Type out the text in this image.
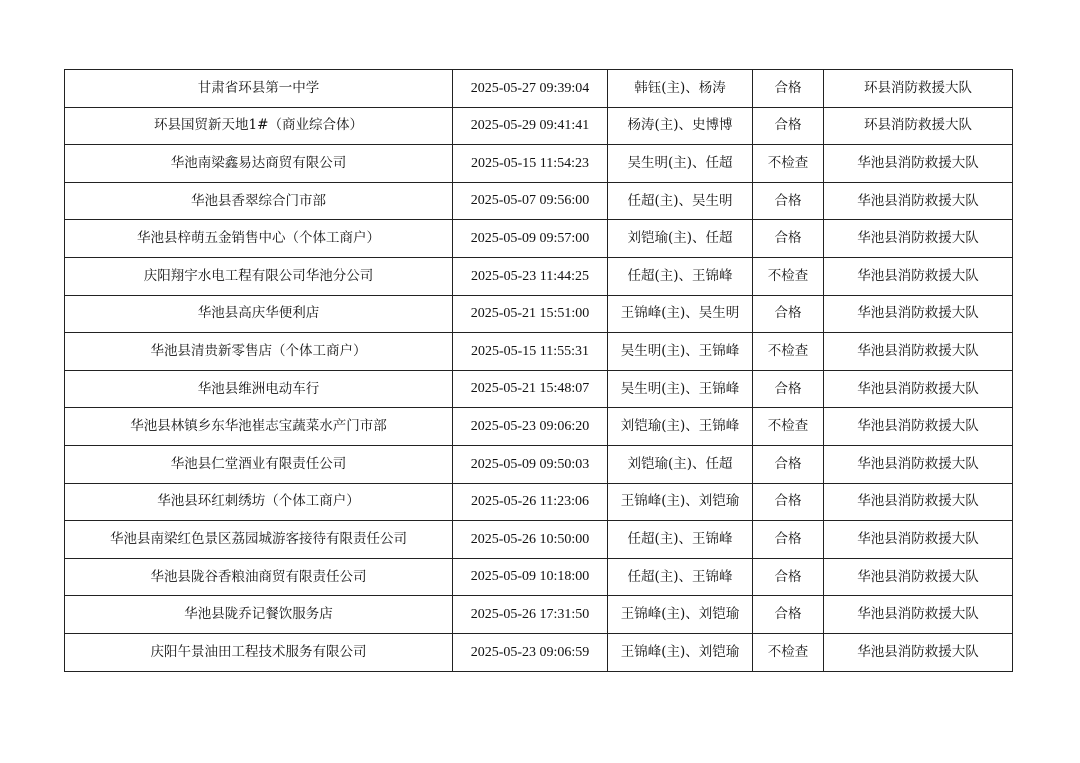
甘肃省环县第一中学	2025-05-27 09:39:04	韩钰(主)、杨涛	合格	环县消防救援大队
环县国贸新天地1#（商业综合体）	2025-05-29 09:41:41	杨涛(主)、史博博	合格	环县消防救援大队
华池南梁鑫易达商贸有限公司	2025-05-15 11:54:23	吴生明(主)、任超	不检查	华池县消防救援大队
华池县香翠综合门市部	2025-05-07 09:56:00	任超(主)、吴生明	合格	华池县消防救援大队
华池县梓萌五金销售中心（个体工商户）	2025-05-09 09:57:00	刘铠瑜(主)、任超	合格	华池县消防救援大队
庆阳翔宇水电工程有限公司华池分公司	2025-05-23 11:44:25	任超(主)、王锦峰	不检查	华池县消防救援大队
华池县高庆华便利店	2025-05-21 15:51:00	王锦峰(主)、吴生明	合格	华池县消防救援大队
华池县清贵新零售店（个体工商户）	2025-05-15 11:55:31	吴生明(主)、王锦峰	不检查	华池县消防救援大队
华池县维洲电动车行	2025-05-21 15:48:07	吴生明(主)、王锦峰	合格	华池县消防救援大队
华池县林镇乡东华池崔志宝蔬菜水产门市部	2025-05-23 09:06:20	刘铠瑜(主)、王锦峰	不检查	华池县消防救援大队
华池县仁堂酒业有限责任公司	2025-05-09 09:50:03	刘铠瑜(主)、任超	合格	华池县消防救援大队
华池县环红刺绣坊（个体工商户）	2025-05-26 11:23:06	王锦峰(主)、刘铠瑜	合格	华池县消防救援大队
华池县南梁红色景区荔园城游客接待有限责任公司	2025-05-26 10:50:00	任超(主)、王锦峰	合格	华池县消防救援大队
华池县陇谷香粮油商贸有限责任公司	2025-05-09 10:18:00	任超(主)、王锦峰	合格	华池县消防救援大队
华池县陇乔记餐饮服务店	2025-05-26 17:31:50	王锦峰(主)、刘铠瑜	合格	华池县消防救援大队
庆阳午景油田工程技术服务有限公司	2025-05-23 09:06:59	王锦峰(主)、刘铠瑜	不检查	华池县消防救援大队
